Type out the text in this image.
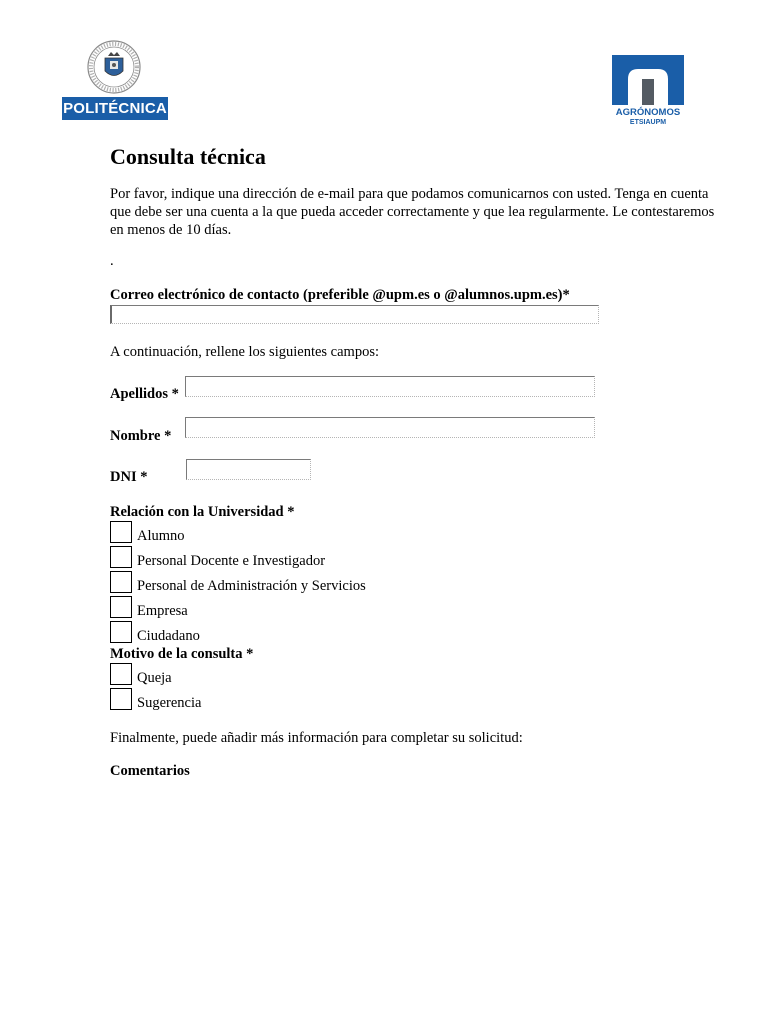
POLITÉCNICA	AGRÓNOMOS
ETSIAUPM
Consulta técnica

Por favor, indique una dirección de e-mail para que podamos comunicarnos con usted. Tenga en cuenta que debe ser una cuenta a la que pueda acceder correctamente y que lea regularmente. Le contestaremos en menos de 10 días.

.
Correo electrónico de contacto (preferible @upm.es o @alumnos.upm.es)*
A continuación, rellene los siguientes campos:
Apellidos *
Nombre *
DNI *
Relación con la Universidad *
Alumno
Personal Docente e Investigador
Personal de Administración y Servicios
Empresa
Ciudadano
Motivo de la consulta *
Queja
Sugerencia
Finalmente, puede añadir más información para completar su solicitud:
Comentarios
